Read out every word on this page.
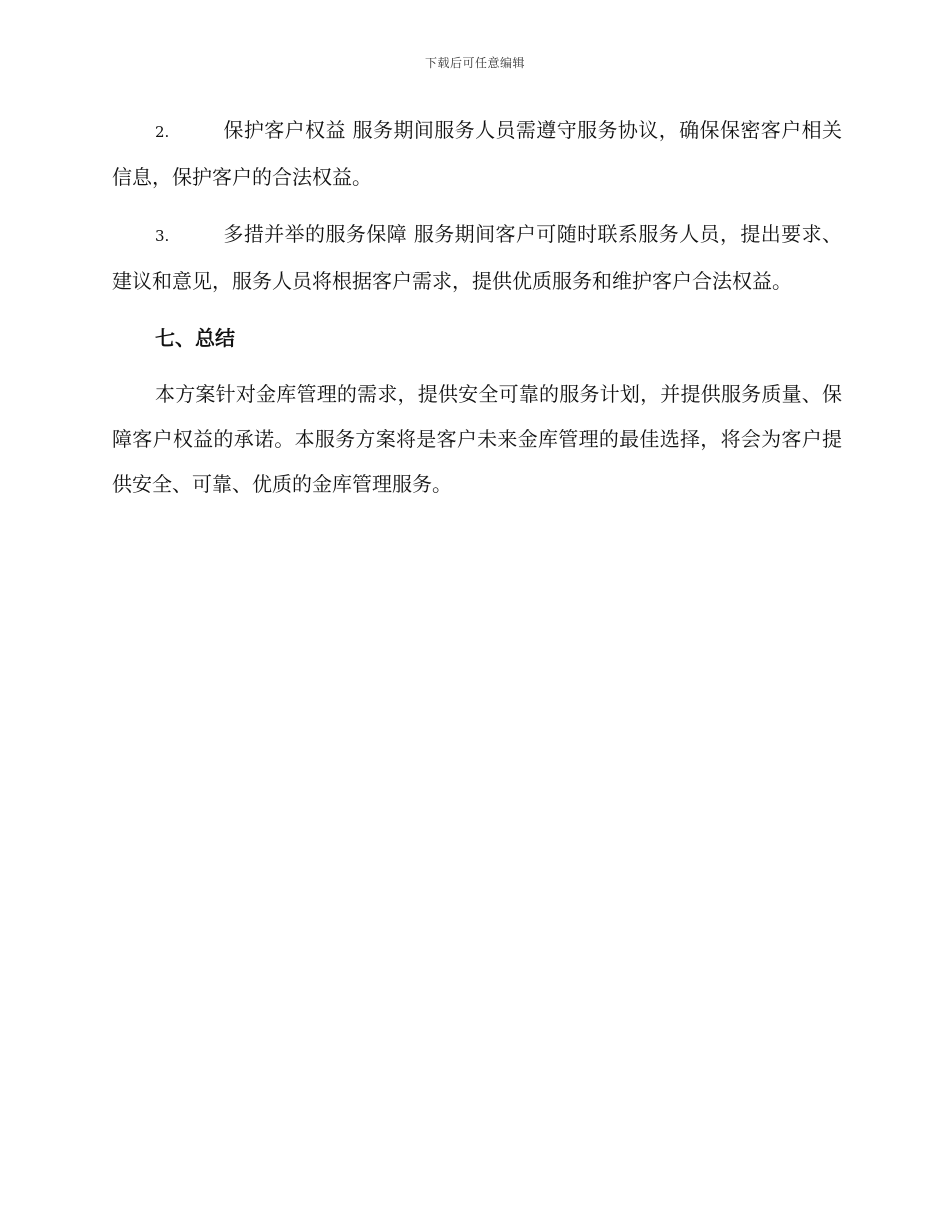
下载后可任意编辑

2.	保护客户权益 服务期间服务人员需遵守服务协议，确保保密客户相关信息，保护客户的合法权益。

3.	多措并举的服务保障 服务期间客户可随时联系服务人员，提出要求、建议和意见，服务人员将根据客户需求，提供优质服务和维护客户合法权益。

七、总结

本方案针对金库管理的需求，提供安全可靠的服务计划，并提供服务质量、保障客户权益的承诺。本服务方案将是客户未来金库管理的最佳选择，将会为客户提供安全、可靠、优质的金库管理服务。
